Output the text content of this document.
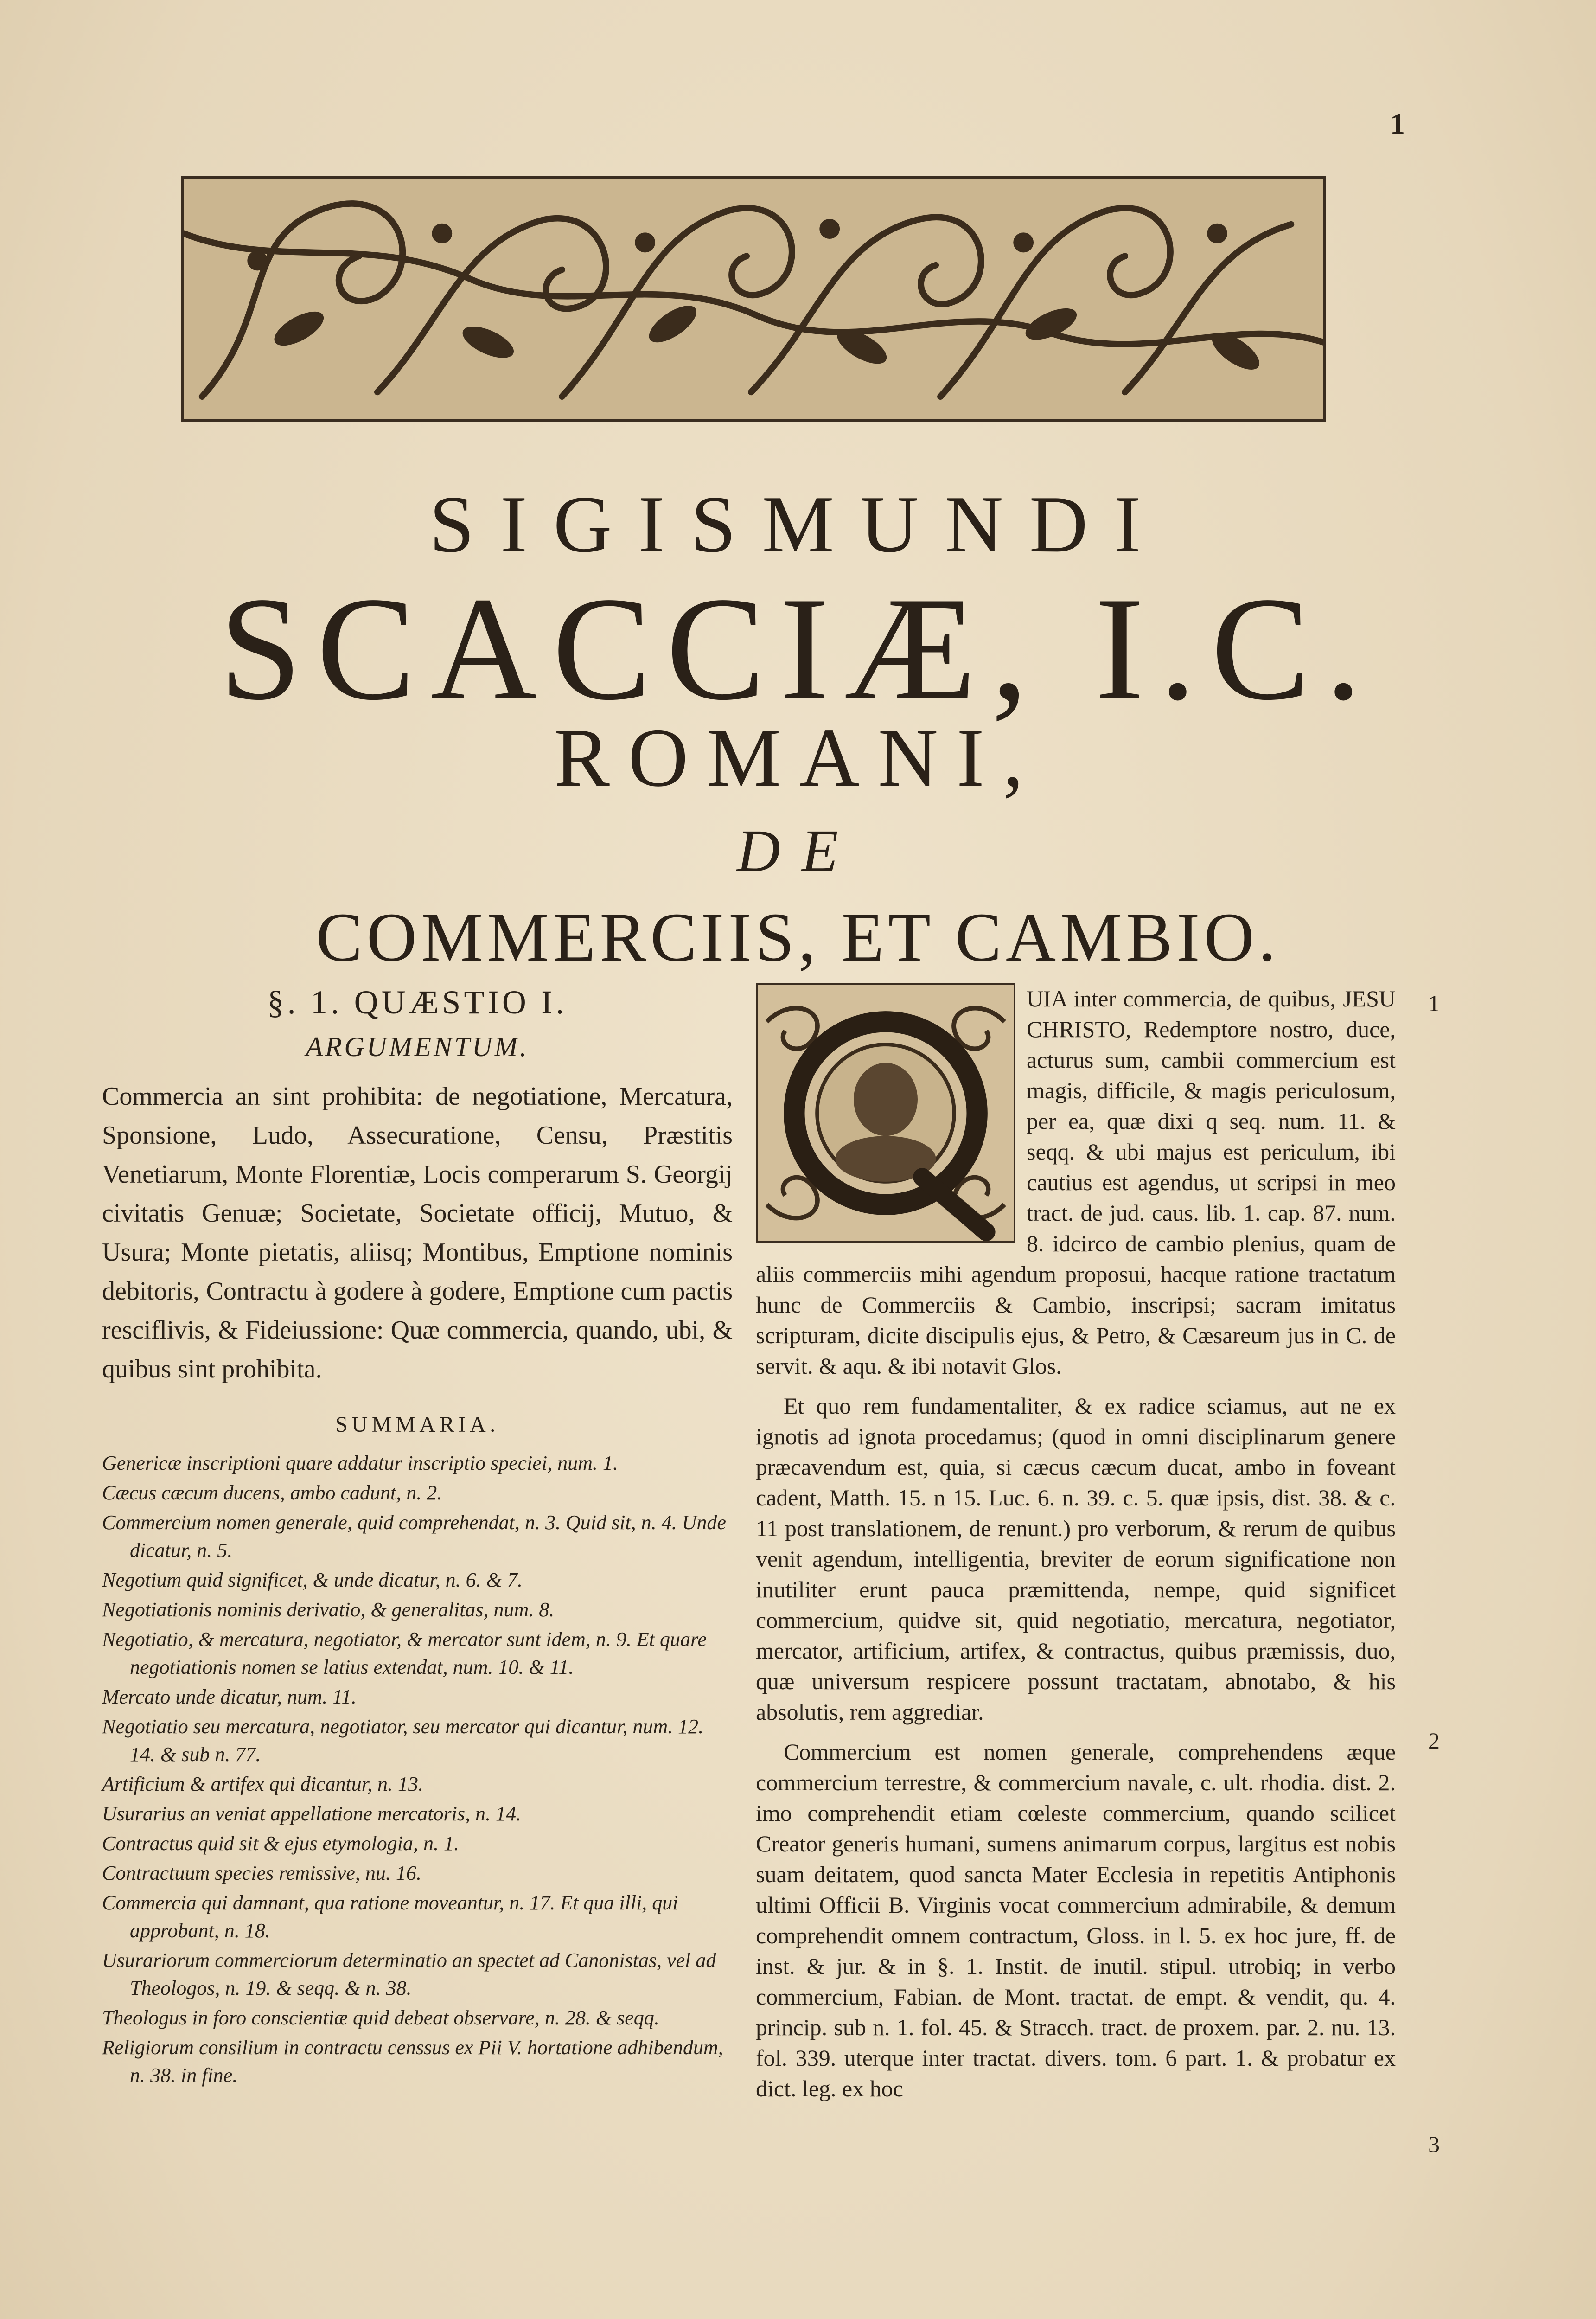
1
SIGISMUNDI
SCACCIÆ, I.C.
ROMANI,
DE
COMMERCIIS, ET CAMBIO.
§. 1. QUÆSTIO I.
ARGUMENTUM.
Commercia an sint prohibita: de negotiatione, Mercatura, Sponsione, Ludo, Assecuratione, Censu, Præstitis Venetiarum, Monte Florentiæ, Locis comperarum S. Georgij civitatis Genuæ; Societate, Societate officij, Mutuo, & Usura; Monte pietatis, aliisq; Montibus, Emptione nominis debitoris, Contractu à godere à godere, Emptione cum pactis resciflivis, & Fideiussione: Quæ commercia, quando, ubi, & quibus sint prohibita.
SUMMARIA.
Genericæ inscriptioni quare addatur inscriptio speciei, num. 1.
Cæcus cæcum ducens, ambo cadunt, n. 2.
Commercium nomen generale, quid comprehendat, n. 3. Quid sit, n. 4. Unde dicatur, n. 5.
Negotium quid significet, & unde dicatur, n. 6. & 7.
Negotiationis nominis derivatio, & generalitas, num. 8.
Negotiatio, & mercatura, negotiator, & mercator sunt idem, n. 9. Et quare negotiationis nomen se latius extendat, num. 10. & 11.
Mercato unde dicatur, num. 11.
Negotiatio seu mercatura, negotiator, seu mercator qui dicantur, num. 12. 14. & sub n. 77.
Artificium & artifex qui dicantur, n. 13.
Usurarius an veniat appellatione mercatoris, n. 14.
Contractus quid sit & ejus etymologia, n. 1.
Contractuum species remissive, nu. 16.
Commercia qui damnant, qua ratione moveantur, n. 17. Et qua illi, qui approbant, n. 18.
Usurariorum commerciorum determinatio an spectet ad Canonistas, vel ad Theologos, n. 19. & seqq. & n. 38.
Theologus in foro conscientiæ quid debeat observare, n. 28. & seqq.
Religiorum consilium in contractu censsus ex Pii V. hortatione adhibendum, n. 38. in fine.

UIA inter commercia, de quibus, JESU CHRISTO, Redemptore nostro, duce, acturus sum, cambii commercium est magis, difficile, & magis periculosum, per ea, quæ dixi q seq. num. 11. & seqq. & ubi majus est periculum, ibi cautius est agendus, ut scripsi in meo tract. de jud. caus. lib. 1. cap. 87. num. 8. idcirco de cambio plenius, quam de aliis commerciis mihi agendum proposui, hacque ratione tractatum hunc de Commerciis & Cambio, inscripsi; sacram imitatus scripturam, dicite discipulis ejus, & Petro, & Cæsareum jus in C. de servit. & aqu. & ibi notavit Glos.

Et quo rem fundamentaliter, & ex radice sciamus, aut ne ex ignotis ad ignota procedamus; (quod in omni disciplinarum genere præcavendum est, quia, si cæcus cæcum ducat, ambo in foveant cadent, Matth. 15. n 15. Luc. 6. n. 39. c. 5. quæ ipsis, dist. 38. & c. 11 post translationem, de renunt.) pro verborum, & rerum de quibus venit agendum, intelligentia, breviter de eorum significatione non inutiliter erunt pauca præmittenda, nempe, quid significet commercium, quidve sit, quid negotiatio, mercatura, negotiator, mercator, artificium, artifex, & contractus, quibus præmissis, duo, quæ universum respicere possunt tractatam, abnotabo, & his absolutis, rem aggrediar.

Commercium est nomen generale, comprehendens æque commercium terrestre, & commercium navale, c. ult. rhodia. dist. 2. imo comprehendit etiam cœleste commercium, quando scilicet Creator generis humani, sumens animarum corpus, largitus est nobis suam deitatem, quod sancta Mater Ecclesia in repetitis Antiphonis ultimi Officii B. Virginis vocat commercium admirabile, & demum comprehendit omnem contractum, Gloss. in l. 5. ex hoc jure, ff. de inst. & jur. & in §. 1. Instit. de inutil. stipul. utrobiq; in verbo commercium, Fabian. de Mont. tractat. de empt. & vendit, qu. 4. princip. sub n. 1. fol. 45. & Stracch. tract. de proxem. par. 2. nu. 13. fol. 339. uterque inter tractat. divers. tom. 6 part. 1. & probatur ex dict. leg. ex hoc

1
2
3
